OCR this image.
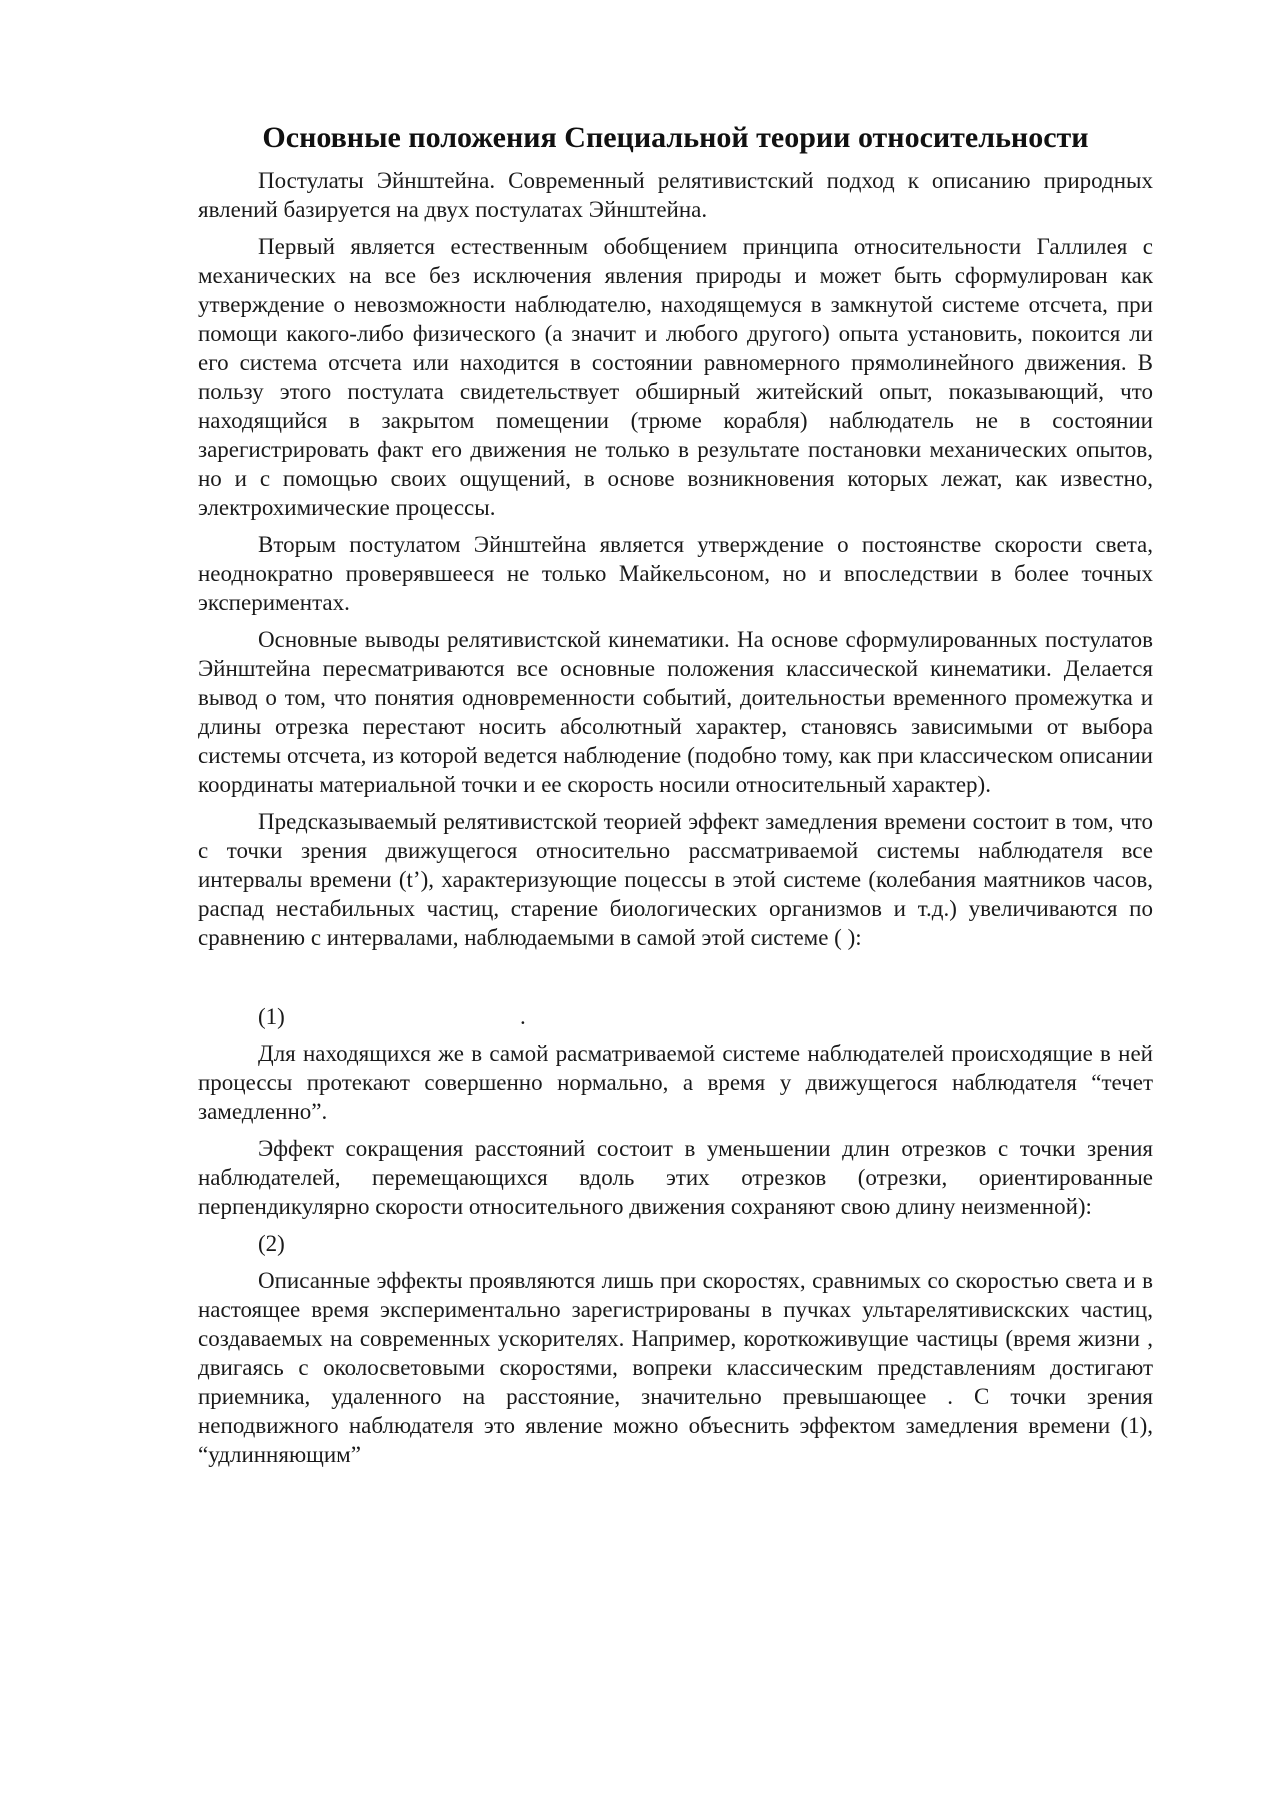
Основные положения Специальной теории относительности

Постулаты Эйнштейна. Современный релятивистский подход к описанию природных явлений базируется на двух постулатах Эйнштейна.

Первый является естественным обобщением принципа относительности Галлилея с механических на все без исключения явления природы и может быть сформулирован как утверждение о невозможности наблюдателю, находящемуся в замкнутой системе отсчета, при помощи какого-либо физического (а значит и любого другого) опыта установить, покоится ли его система отсчета или находится в состоянии равномерного прямолинейного движения. В пользу этого постулата свидетельствует обширный житейский опыт, показывающий, что находящийся в закрытом помещении (трюме корабля) наблюдатель не в состоянии зарегистрировать факт его движения не только в результате постановки механических опытов, но и с помощью своих ощущений, в основе возникновения которых лежат, как известно, электрохимические процессы.

Вторым постулатом Эйнштейна является утверждение о постоянстве скорости света, неоднократно проверявшееся не только Майкельсоном, но и впоследствии в более точных экспериментах.

Основные выводы релятивистской кинематики. На основе сформулированных постулатов Эйнштейна пересматриваются все основные положения классической кинематики. Делается вывод о том, что понятия одновременности событий, доительностьи временного промежутка и длины отрезка перестают носить абсолютный характер, становясь зависимыми от выбора системы отсчета, из которой ведется наблюдение (подобно тому, как при классическом описании координаты материальной точки и ее скорость носили относительный характер).

Предсказываемый релятивистской теорией эффект замедления времени состоит в том, что с точки зрения движущегося относительно рассматриваемой системы наблюдателя все интервалы времени (t’), характеризующие поцессы в этой системе (колебания маятников часов, распад нестабильных частиц, старение биологических организмов и т.д.) увеличиваются по сравнению с интервалами, наблюдаемыми в самой этой системе ( ):

(1)	.

Для находящихся же в самой расматриваемой системе наблюдателей происходящие в ней процессы протекают совершенно нормально, а время у движущегося наблюдателя “течет замедленно”.

Эффект сокращения расстояний состоит в уменьшении длин отрезков с точки зрения наблюдателей, перемещающихся вдоль этих отрезков (отрезки, ориентированные перпендикулярно скорости относительного движения сохраняют свою длину неизменной):

(2)

Описанные эффекты проявляются лишь при скоростях, сравнимых со скоростью света и в настоящее время экспериментально зарегистрированы в пучках ультарелятивискских частиц, создаваемых на современных ускорителях. Например, короткоживущие частицы (время жизни , двигаясь с околосветовыми скоростями, вопреки классическим представлениям достигают приемника, удаленного на расстояние, значительно превышающее . С точки зрения неподвижного наблюдателя это явление можно объеснить эффектом замедления времени (1), “удлинняющим”
